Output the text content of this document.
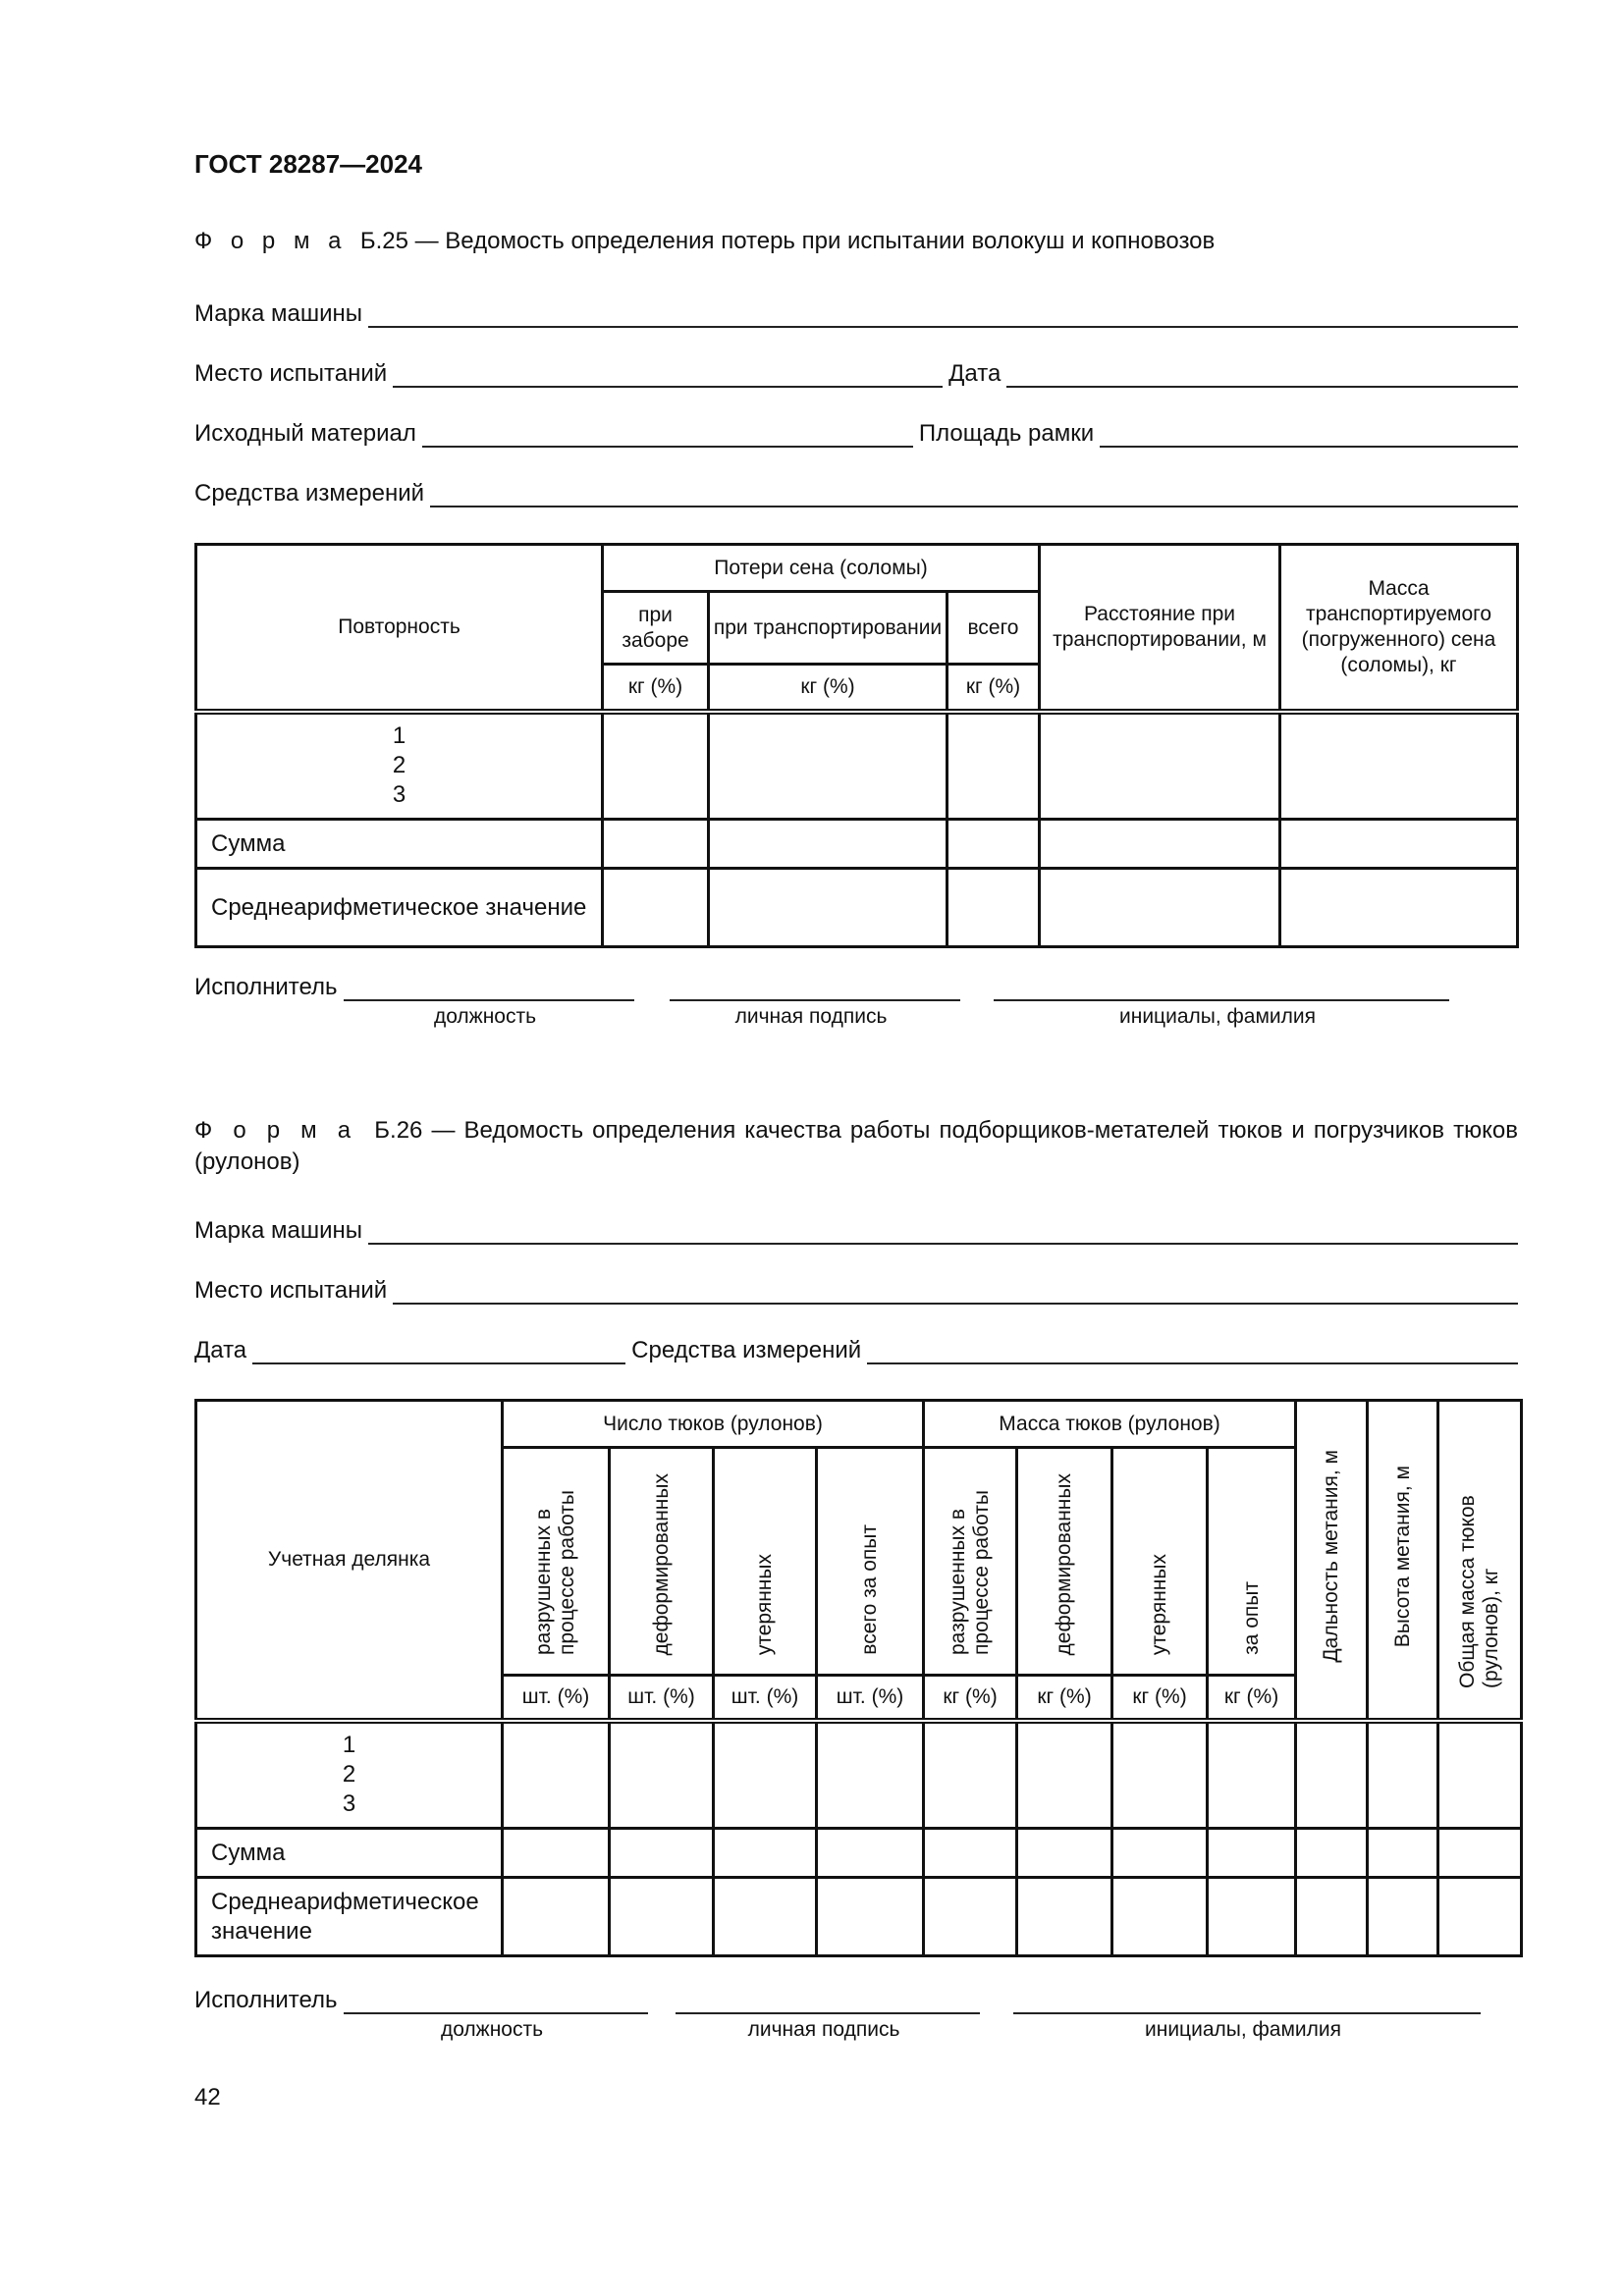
ГОСТ 28287—2024
Ф о р м а Б.25 — Ведомость определения потерь при испытании волокуш и копновозов
Марка машины
Место испытаний	Дата
Исходный материал	Площадь рамки
Средства измерений
Повторность	Потери сена (соломы)			Расстояние при транспортировании, м	Масса транспортируемого (погруженного) сена (соломы), кг
	при заборе	при транспортировании	всего		
	кг (%)	кг (%)	кг (%)		

1
2
3					

Сумма					
Среднеарифметическое значение					
Исполнитель
должность	личная подпись	инициалы, фамилия
Ф о р м а Б.26 — Ведомость определения качества работы подборщиков-метателей тюков и погрузчиков тюков (рулонов)
Марка машины
Место испытаний
Дата	Средства измерений
Учетная делянка	Число тюков (рулонов)				Масса тюков (рулонов)				Дальность метания, м	Высота метания, м	Общая масса тюков (рулонов), кг
	разрушенных в процессе работы	деформированных	утерянных	всего за опыт	разрушенных в процессе работы	деформированных	утерянных	за опыт			
	шт. (%)	шт. (%)	шт. (%)	шт. (%)	кг (%)	кг (%)	кг (%)	кг (%)			

1
2
3											

Сумма											
Среднеарифметическое значение											
Исполнитель
должность	личная подпись	инициалы, фамилия
42
